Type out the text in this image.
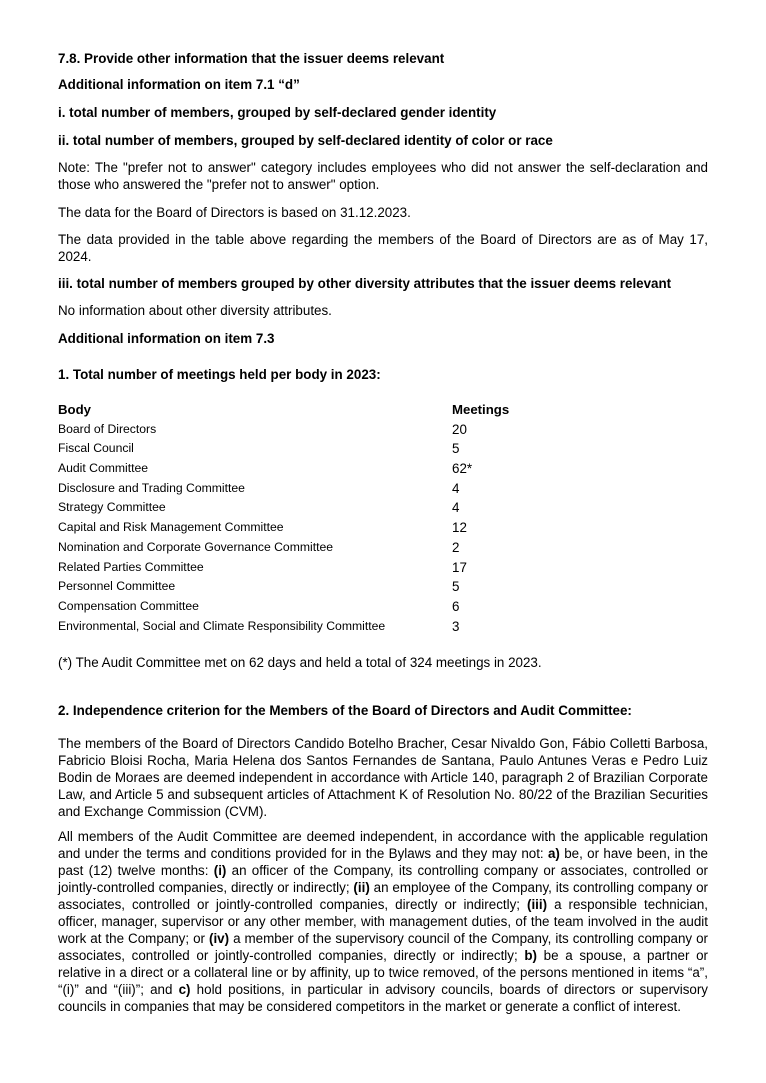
7.8. Provide other information that the issuer deems relevant

Additional information on item 7.1 “d”

i. total number of members, grouped by self-declared gender identity

ii. total number of members, grouped by self-declared identity of color or race

Note: The "prefer not to answer" category includes employees who did not answer the self-declaration and those who answered the "prefer not to answer" option.

The data for the Board of Directors is based on 31.12.2023.

The data provided in the table above regarding the members of the Board of Directors are as of May 17, 2024.

iii. total number of members grouped by other diversity attributes that the issuer deems relevant

No information about other diversity attributes.

Additional information on item 7.3

1. Total number of meetings held per body in 2023:

Body	Meetings
Board of Directors	20
Fiscal Council	5
Audit Committee	62*
Disclosure and Trading Committee	4
Strategy Committee	4
Capital and Risk Management Committee	12
Nomination and Corporate Governance Committee	2
Related Parties Committee	17
Personnel Committee	5
Compensation Committee	6
Environmental, Social and Climate Responsibility Committee	3

(*) The Audit Committee met on 62 days and held a total of 324 meetings in 2023.

2. Independence criterion for the Members of the Board of Directors and Audit Committee:

The members of the Board of Directors Candido Botelho Bracher, Cesar Nivaldo Gon, Fábio Colletti Barbosa, Fabricio Bloisi Rocha, Maria Helena dos Santos Fernandes de Santana, Paulo Antunes Veras e Pedro Luiz Bodin de Moraes are deemed independent in accordance with Article 140, paragraph 2 of Brazilian Corporate Law, and Article 5 and subsequent articles of Attachment K of Resolution No. 80/22 of the Brazilian Securities and Exchange Commission (CVM).

All members of the Audit Committee are deemed independent, in accordance with the applicable regulation and under the terms and conditions provided for in the Bylaws and they may not: a) be, or have been, in the past (12) twelve months: (i) an officer of the Company, its controlling company or associates, controlled or jointly-controlled companies, directly or indirectly; (ii) an employee of the Company, its controlling company or associates, controlled or jointly-controlled companies, directly or indirectly; (iii) a responsible technician, officer, manager, supervisor or any other member, with management duties, of the team involved in the audit work at the Company; or (iv) a member of the supervisory council of the Company, its controlling company or associates, controlled or jointly-controlled companies, directly or indirectly; b) be a spouse, a partner or relative in a direct or a collateral line or by affinity, up to twice removed, of the persons mentioned in items “a”, “(i)” and “(iii)”; and c) hold positions, in particular in advisory councils, boards of directors or supervisory councils in companies that may be considered competitors in the market or generate a conflict of interest.
